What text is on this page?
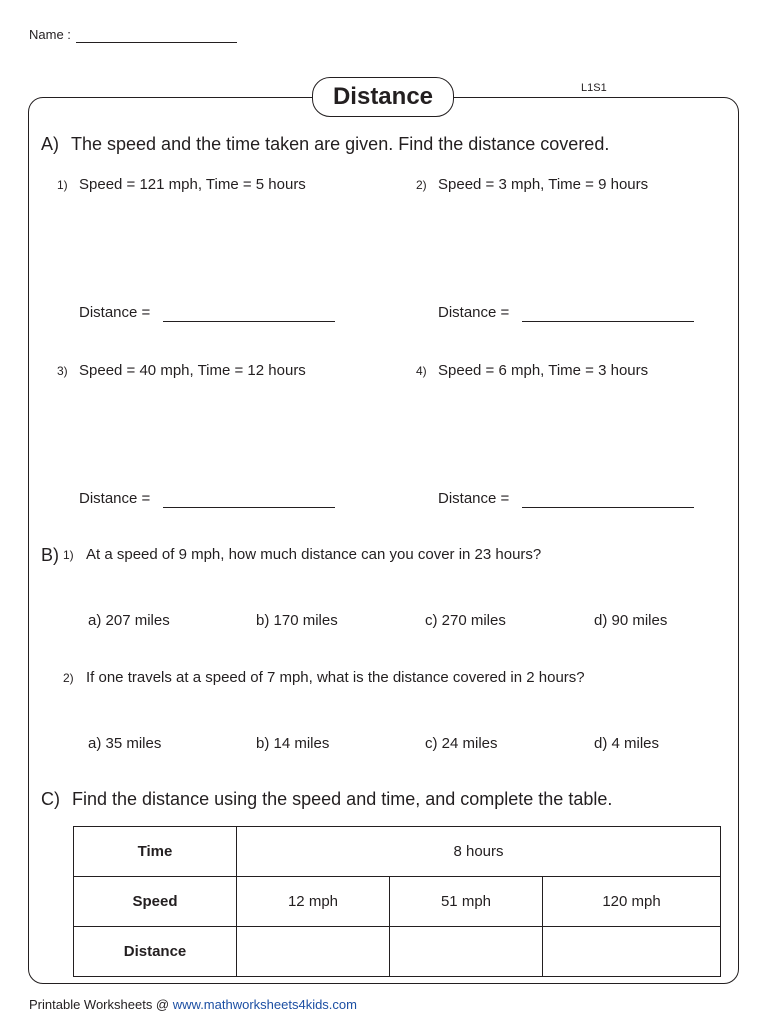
Name :
Distance	L1S1
A) The speed and the time taken are given. Find the distance covered.
1) Speed = 121 mph, Time = 5 hours	2) Speed = 3 mph, Time = 9 hours
Distance =	Distance =
3) Speed = 40 mph, Time = 12 hours	4) Speed = 6 mph, Time = 3 hours
Distance =	Distance =
B) 1) At a speed of 9 mph, how much distance can you cover in 23 hours?
a) 207 miles	b) 170 miles	c) 270 miles	d) 90 miles
2) If one travels at a speed of 7 mph, what is the distance covered in 2 hours?
a) 35 miles	b) 14 miles	c) 24 miles	d) 4 miles
C) Find the distance using the speed and time, and complete the table.
Time	8 hours		
Speed	12 mph	51 mph	120 mph
Distance			
Printable Worksheets @ www.mathworksheets4kids.com
